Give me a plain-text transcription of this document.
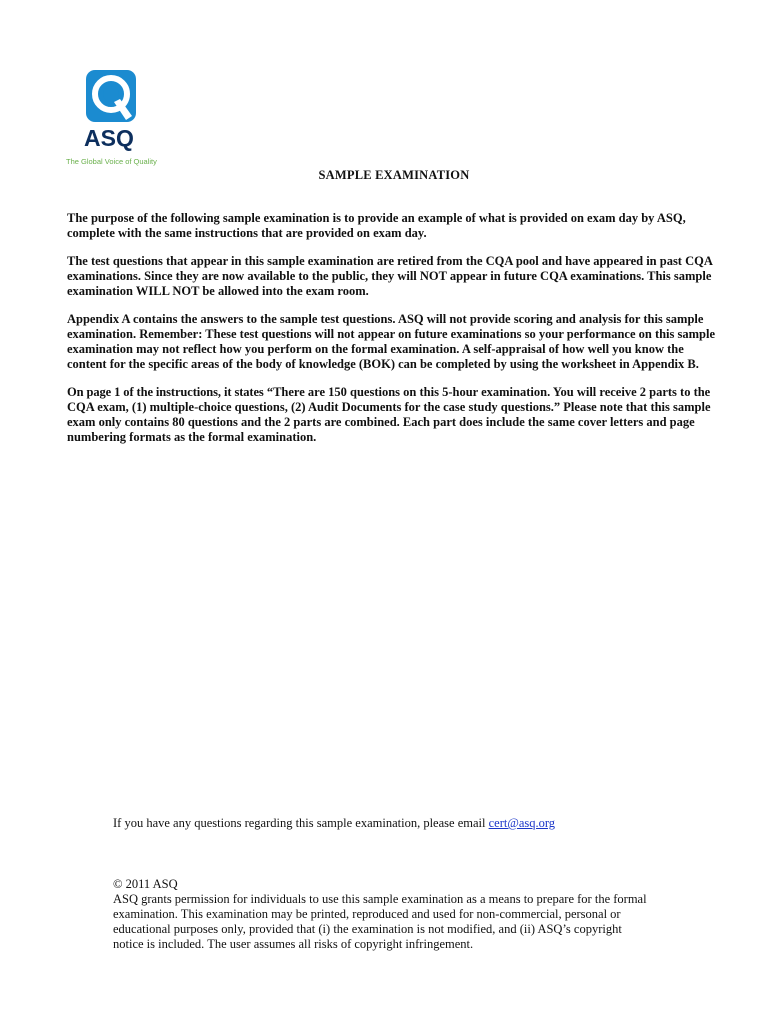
ASQ
The Global Voice of Quality
SAMPLE EXAMINATION

The purpose of the following sample examination is to provide an example of what is provided on exam day by ASQ, complete with the same instructions that are provided on exam day.

The test questions that appear in this sample examination are retired from the CQA pool and have appeared in past CQA examinations. Since they are now available to the public, they will NOT appear in future CQA examinations. This sample examination WILL NOT be allowed into the exam room.

Appendix A contains the answers to the sample test questions. ASQ will not provide scoring and analysis for this sample examination. Remember: These test questions will not appear on future examinations so your performance on this sample examination may not reflect how you perform on the formal examination. A self-appraisal of how well you know the content for the specific areas of the body of knowledge (BOK) can be completed by using the worksheet in Appendix B.

On page 1 of the instructions, it states “There are 150 questions on this 5-hour examination. You will receive 2 parts to the CQA exam, (1) multiple-choice questions, (2) Audit Documents for the case study questions.” Please note that this sample exam only contains 80 questions and the 2 parts are combined. Each part does include the same cover letters and page numbering formats as the formal examination.

If you have any questions regarding this sample examination, please email cert@asq.org
© 2011 ASQ
ASQ grants permission for individuals to use this sample examination as a means to prepare for the formal
examination. This examination may be printed, reproduced and used for non-commercial, personal or
educational purposes only, provided that (i) the examination is not modified, and (ii) ASQ’s copyright
notice is included. The user assumes all risks of copyright infringement.
